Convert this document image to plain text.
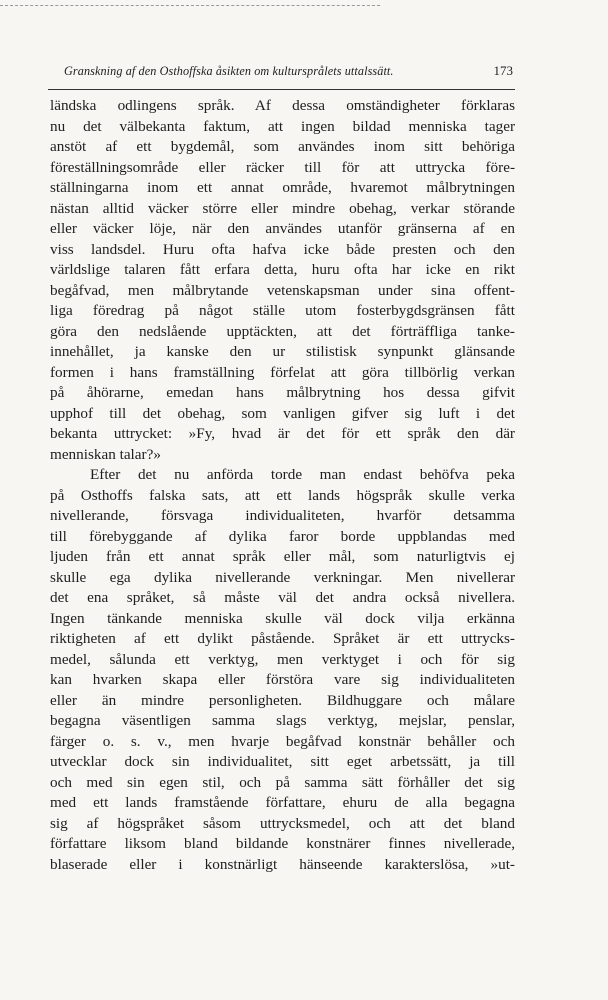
Granskning af den Osthoffska åsikten om kultursprålets uttalssätt.	173
ländska odlingens språk. Af dessa omständigheter förklaras
nu det välbekanta faktum, att ingen bildad menniska tager
anstöt af ett bygdemål, som användes inom sitt behöriga
föreställningsområde eller räcker till för att uttrycka före-
ställningarna inom ett annat område, hvaremot målbrytningen
nästan alltid väcker större eller mindre obehag, verkar störande
eller väcker löje, när den användes utanför gränserna af en
viss landsdel. Huru ofta hafva icke både presten och den
världslige talaren fått erfara detta, huru ofta har icke en rikt
begåfvad, men målbrytande vetenskapsman under sina offent-
liga föredrag på något ställe utom fosterbygdsgränsen fått
göra den nedslående upptäckten, att det förträffliga tanke-
innehållet, ja kanske den ur stilistisk synpunkt glänsande
formen i hans framställning förfelat att göra tillbörlig verkan
på åhörarne, emedan hans målbrytning hos dessa gifvit
upphof till det obehag, som vanligen gifver sig luft i det
bekanta uttrycket: »Fy, hvad är det för ett språk den där
menniskan talar?»
Efter det nu anförda torde man endast behöfva peka
på Osthoffs falska sats, att ett lands högspråk skulle verka
nivellerande, försvaga individualiteten, hvarför detsamma
till förebyggande af dylika faror borde uppblandas med
ljuden från ett annat språk eller mål, som naturligtvis ej
skulle ega dylika nivellerande verkningar. Men nivellerar
det ena språket, så måste väl det andra också nivellera.
Ingen tänkande menniska skulle väl dock vilja erkänna
riktigheten af ett dylikt påstående. Språket är ett uttrycks-
medel, sålunda ett verktyg, men verktyget i och för sig
kan hvarken skapa eller förstöra vare sig individualiteten
eller än mindre personligheten. Bildhuggare och målare
begagna väsentligen samma slags verktyg, mejslar, penslar,
färger o. s. v., men hvarje begåfvad konstnär behåller och
utvecklar dock sin individualitet, sitt eget arbetssätt, ja till
och med sin egen stil, och på samma sätt förhåller det sig
med ett lands framstående författare, ehuru de alla begagna
sig af högspråket såsom uttrycksmedel, och att det bland
författare liksom bland bildande konstnärer finnes nivellerade,
blaserade eller i konstnärligt hänseende karakterslösa, »ut-
